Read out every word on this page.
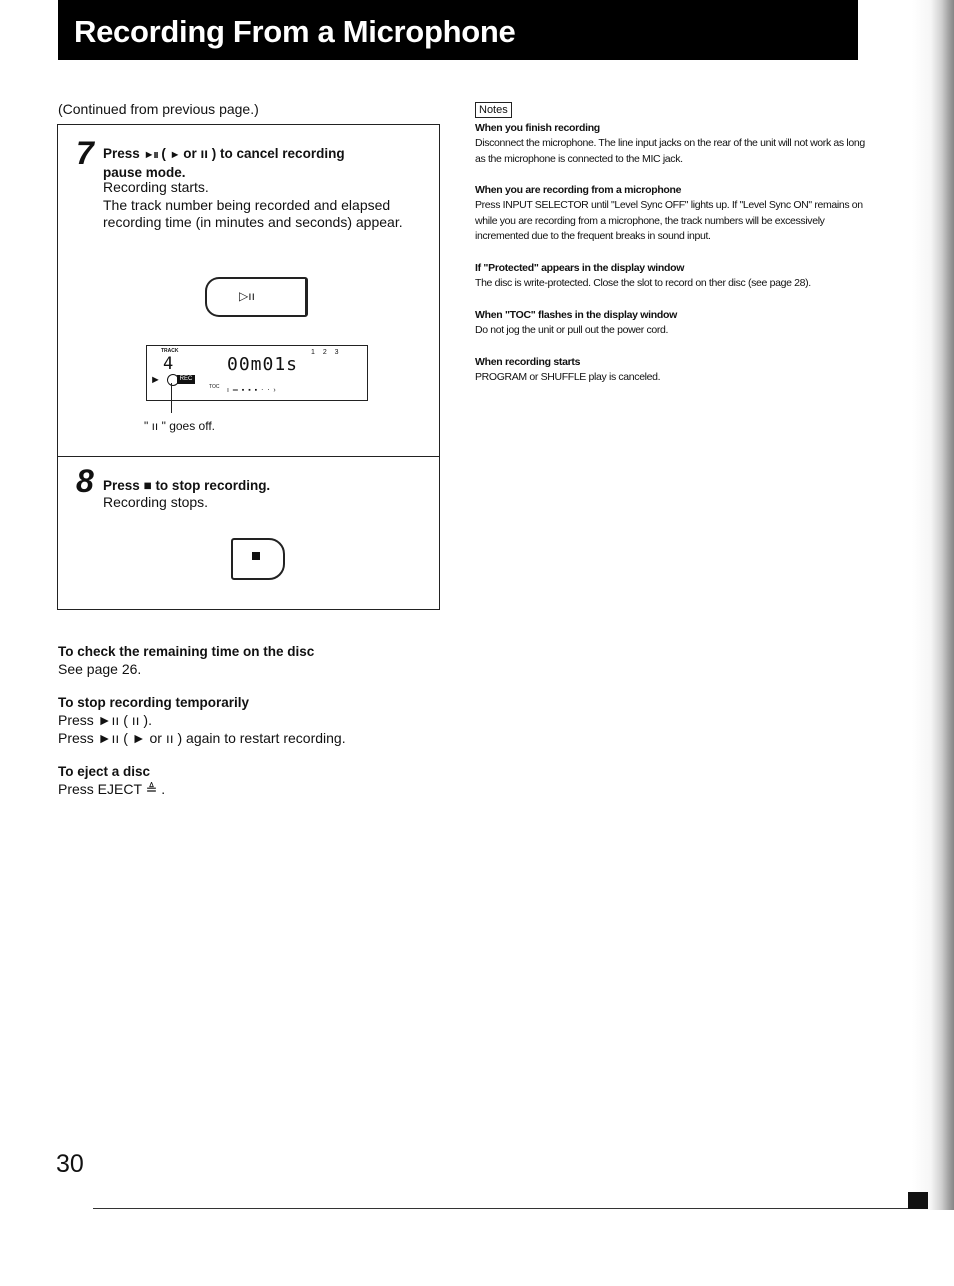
Recording From a Microphone
(Continued from previous page.)
7 Press ►ıı ( ► or ıı ) to cancel recording
pause mode.
Recording starts.
The track number being recorded and elapsed
recording time (in minutes and seconds) appear.
▷ıı
TRACK
4	00m01s
1 2 3
►	REC
TOC ı ═ ▪ ▪ ▪ ‧ ‧ ›
" ıı " goes off.
8 Press ■ to stop recording.
Recording stops.
To check the remaining time on the disc
See page 26.
To stop recording temporarily
Press ►ıı ( ıı ).
Press ►ıı ( ► or ıı ) again to restart recording.
To eject a disc
Press EJECT ≜ .
Notes
When you finish recording
Disconnect the microphone. The line input jacks on the rear of the unit will not work as long as the microphone is connected to the MIC jack.
When you are recording from a microphone
Press INPUT SELECTOR until "Level Sync OFF" lights up. If "Level Sync ON" remains on while you are recording from a microphone, the track numbers will be excessively incremented due to the frequent breaks in sound input.
If "Protected" appears in the display window
The disc is write-protected. Close the slot to record on ther disc (see page 28).
When "TOC" flashes in the display window
Do not jog the unit or pull out the power cord.
When recording starts
PROGRAM or SHUFFLE play is canceled.
30
